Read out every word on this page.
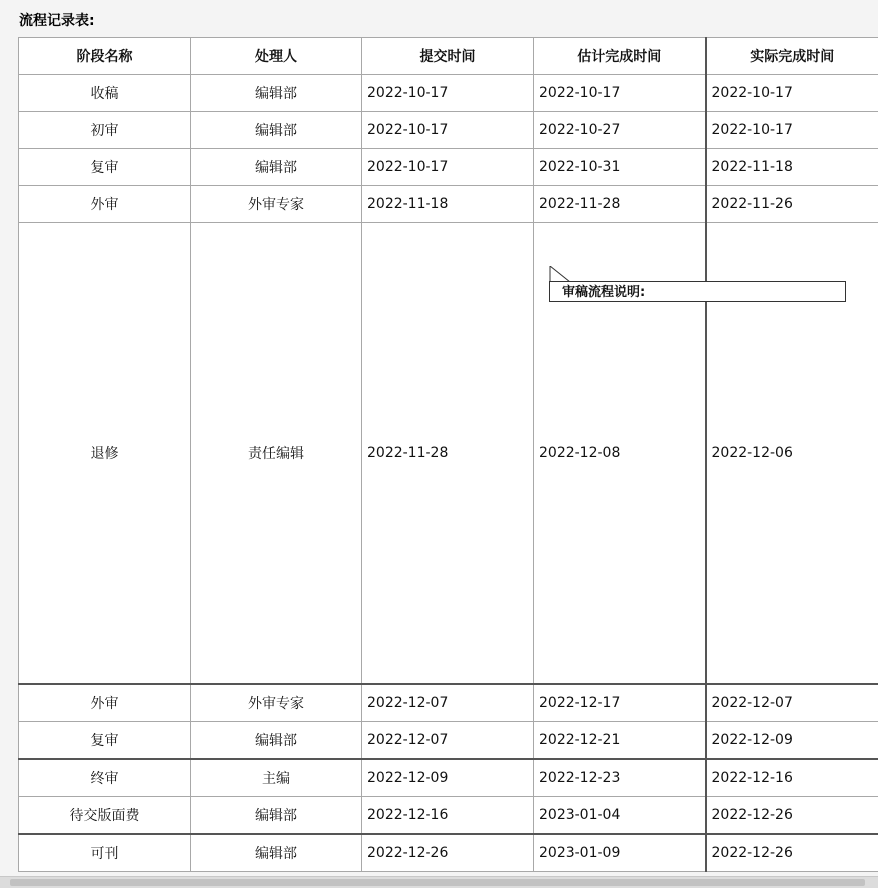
流程记录表:
阶段名称	处理人	提交时间	估计完成时间	实际完成时间
收稿	编辑部	2022-10-17	2022-10-17	2022-10-17
初审	编辑部	2022-10-17	2022-10-27	2022-10-17
复审	编辑部	2022-10-17	2022-10-31	2022-11-18
外审	外审专家	2022-11-18	2022-11-28	2022-11-26
退修	责任编辑	2022-11-28	2022-12-08	2022-12-06
外审	外审专家	2022-12-07	2022-12-17	2022-12-07
复审	编辑部	2022-12-07	2022-12-21	2022-12-09
终审	主编	2022-12-09	2022-12-23	2022-12-16
待交版面费	编辑部	2022-12-16	2023-01-04	2022-12-26
可刊	编辑部	2022-12-26	2023-01-09	2022-12-26
审稿流程说明:
